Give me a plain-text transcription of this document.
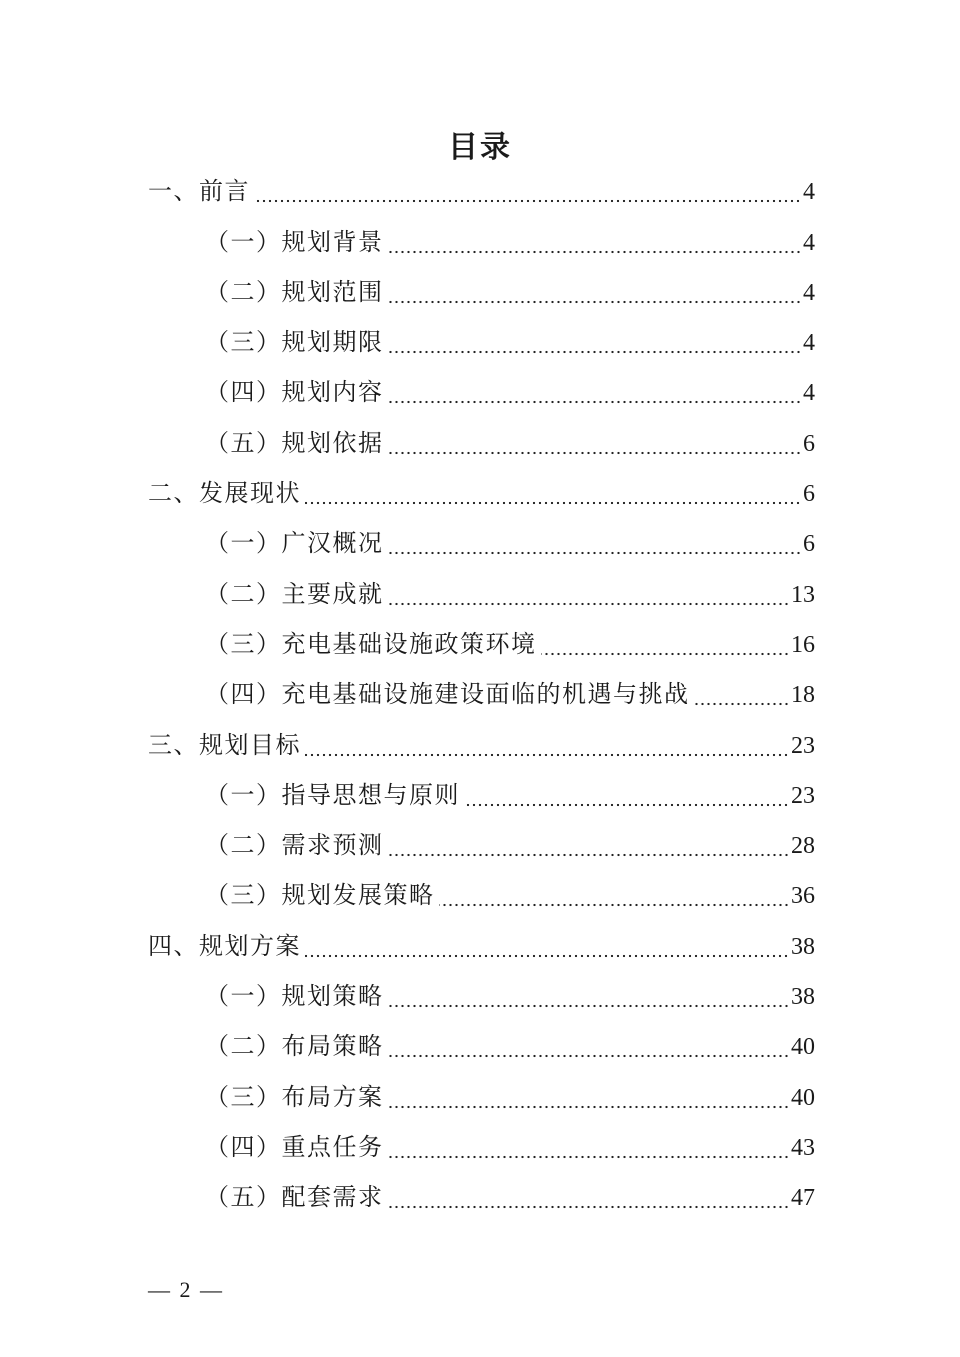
目录
一、前言	4
（一）规划背景	4
（二）规划范围	4
（三）规划期限	4
（四）规划内容	4
（五）规划依据	6
二、发展现状	6
（一）广汉概况	6
（二）主要成就	13
（三）充电基础设施政策环境	16
（四）充电基础设施建设面临的机遇与挑战	18
三、规划目标	23
（一）指导思想与原则	23
（二）需求预测	28
（三）规划发展策略	36
四、规划方案	38
（一）规划策略	38
（二）布局策略	40
（三）布局方案	40
（四）重点任务	43
（五）配套需求	47
— 2 —
